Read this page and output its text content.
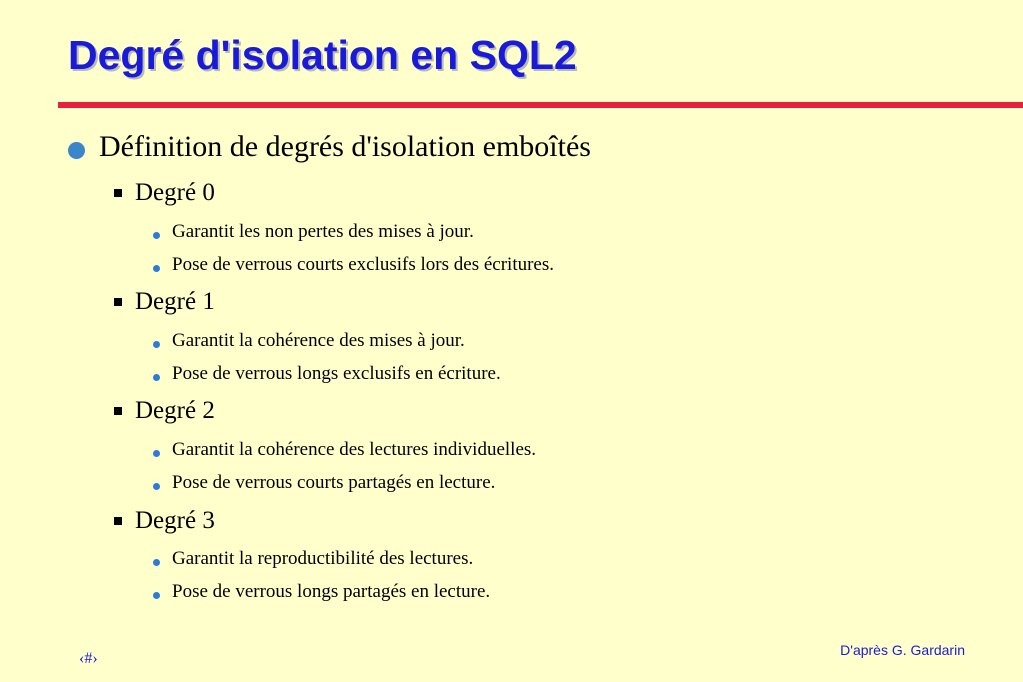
Degré d'isolation en SQL2
Définition de degrés d'isolation emboîtés
Degré 0
Garantit les non pertes des mises à jour.
Pose de verrous courts exclusifs lors des écritures.
Degré 1
Garantit la cohérence des mises à jour.
Pose de verrous longs exclusifs en écriture.
Degré 2
Garantit la cohérence des lectures individuelles.
Pose de verrous courts partagés en lecture.
Degré 3
Garantit la reproductibilité des lectures.
Pose de verrous longs partagés en lecture.
‹#›	D'après G. Gardarin
